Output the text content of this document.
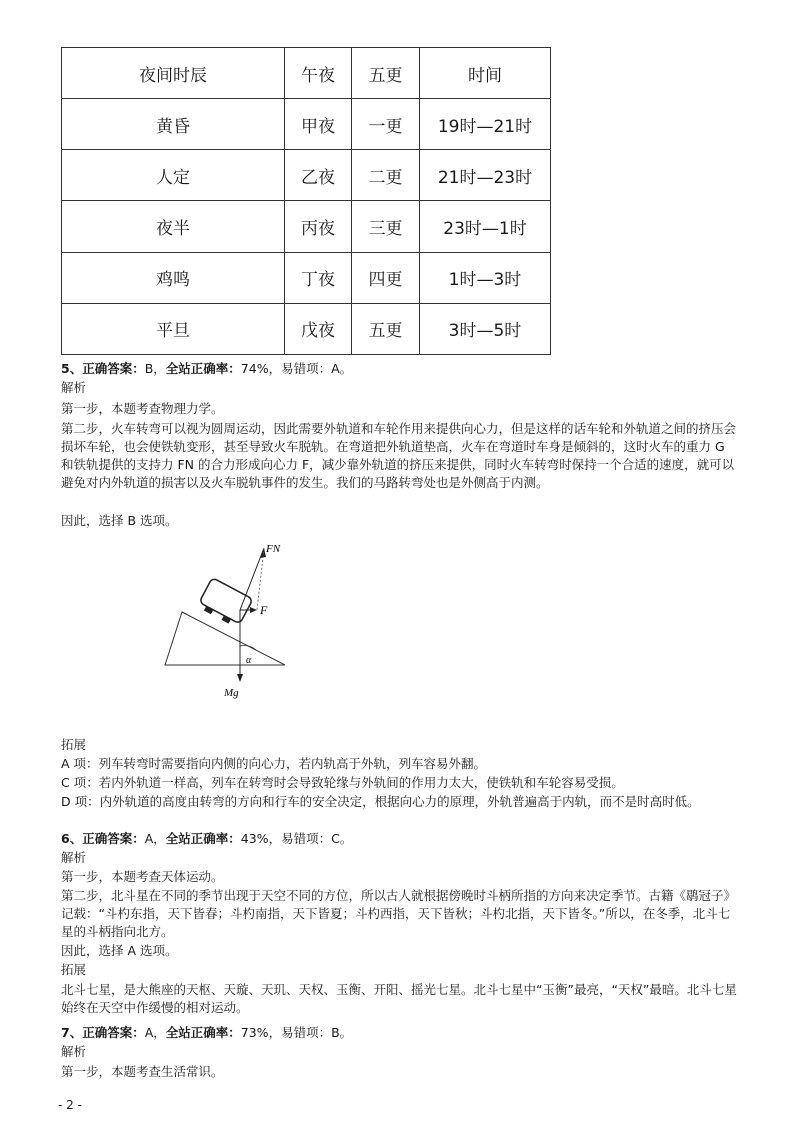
夜间时辰	午夜	五更	时间
黄昏	甲夜	一更	19时—21时
人定	乙夜	二更	21时—23时
夜半	丙夜	三更	23时—1时
鸡鸣	丁夜	四更	1时—3时
平旦	戊夜	五更	3时—5时
5、正确答案：B，全站正确率：74%，易错项：A。
解析
第一步，本题考查物理力学。
第二步，火车转弯可以视为圆周运动，因此需要外轨道和车轮作用来提供向心力，但是这样的话车轮和外轨道之间的挤压会损坏车轮，也会使铁轨变形，甚至导致火车脱轨。在弯道把外轨道垫高，火车在弯道时车身是倾斜的，这时火车的重力 G 和铁轨提供的支持力 FN 的合力形成向心力 F，减少靠外轨道的挤压来提供，同时火车转弯时保持一个合适的速度，就可以避免对内外轨道的损害以及火车脱轨事件的发生。我们的马路转弯处也是外侧高于内测。
因此，选择 B 选项。
FN
F
Mg
α
拓展
A 项：列车转弯时需要指向内侧的向心力，若内轨高于外轨，列车容易外翻。
C 项：若内外轨道一样高，列车在转弯时会导致轮缘与外轨间的作用力太大，使铁轨和车轮容易受损。
D 项：内外轨道的高度由转弯的方向和行车的安全决定，根据向心力的原理，外轨普遍高于内轨，而不是时高时低。
6、正确答案：A，全站正确率：43%，易错项：C。
解析
第一步，本题考查天体运动。
第二步，北斗星在不同的季节出现于天空不同的方位，所以古人就根据傍晚时斗柄所指的方向来决定季节。古籍《鹖冠子》记载：“斗杓东指，天下皆春；斗杓南指，天下皆夏；斗杓西指，天下皆秋；斗杓北指，天下皆冬。”所以，在冬季，北斗七星的斗柄指向北方。
因此，选择 A 选项。
拓展
北斗七星，是大熊座的天枢、天璇、天玑、天权、玉衡、开阳、摇光七星。北斗七星中“玉衡”最亮，“天权”最暗。北斗七星始终在天空中作缓慢的相对运动。
7、正确答案：A，全站正确率：73%，易错项：B。
解析
第一步，本题考查生活常识。
- 2 -
